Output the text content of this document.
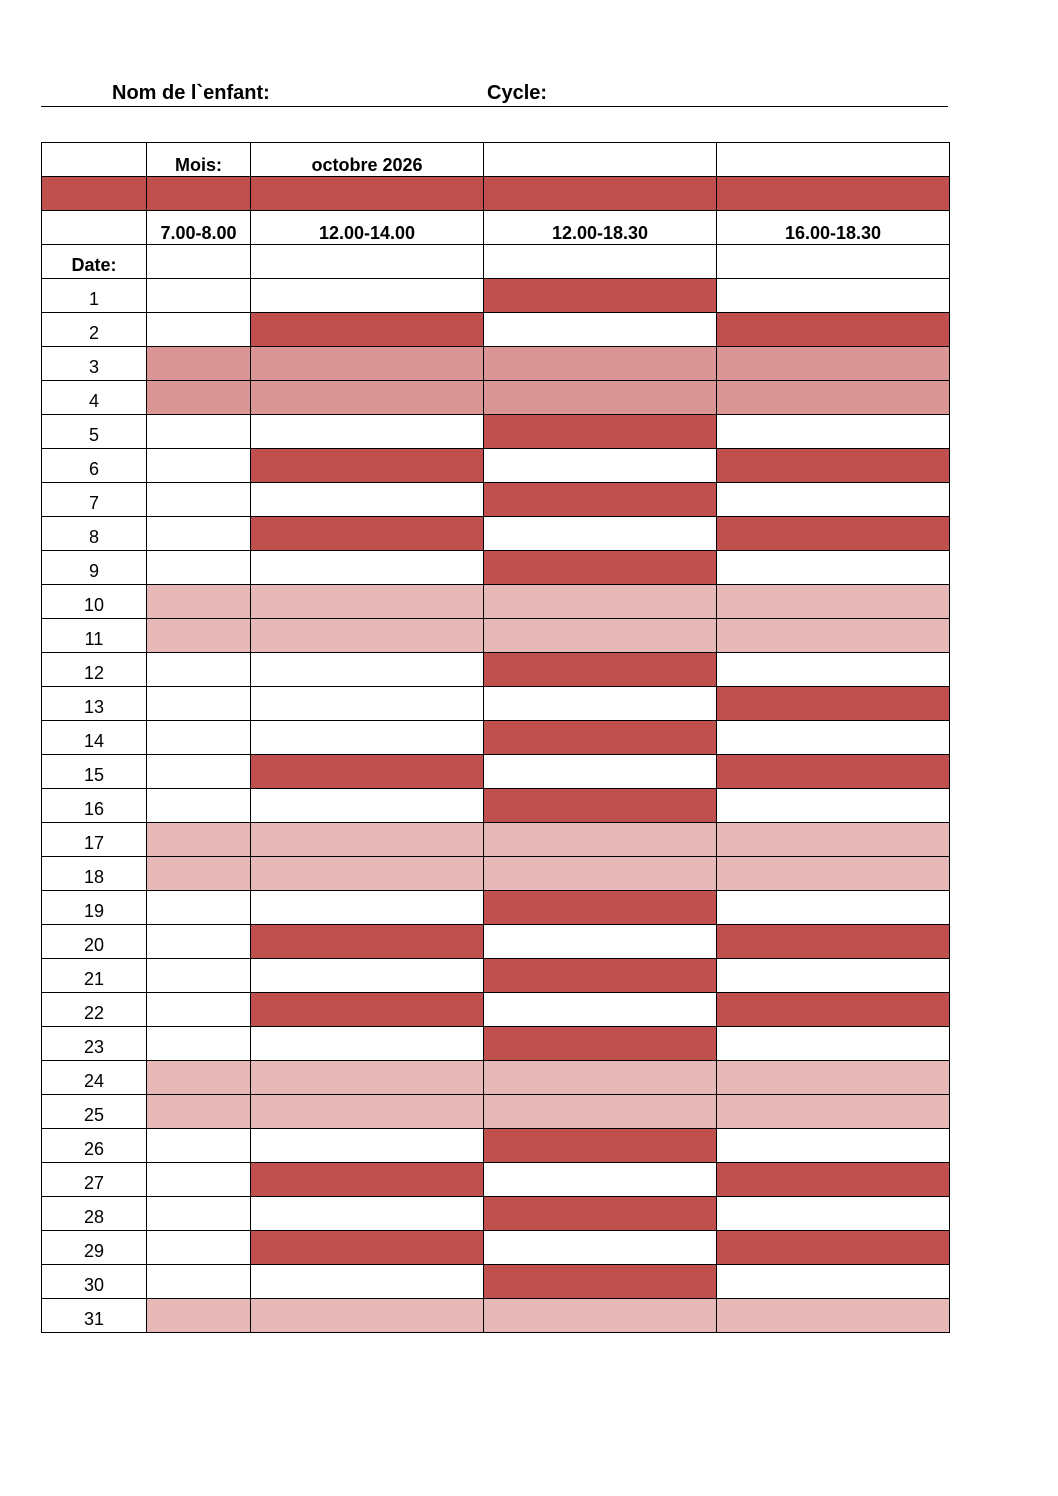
Nom de l`enfant:	Cycle:
	Mois:	octobre 2026		

	7.00-8.00	12.00-14.00	12.00-18.30	16.00-18.30
Date:				
1				
2				
3				
4				
5				
6				
7				
8				
9				
10				
11				
12				
13				
14				
15				
16				
17				
18				
19				
20				
21				
22				
23				
24				
25				
26				
27				
28				
29				
30				
31				
